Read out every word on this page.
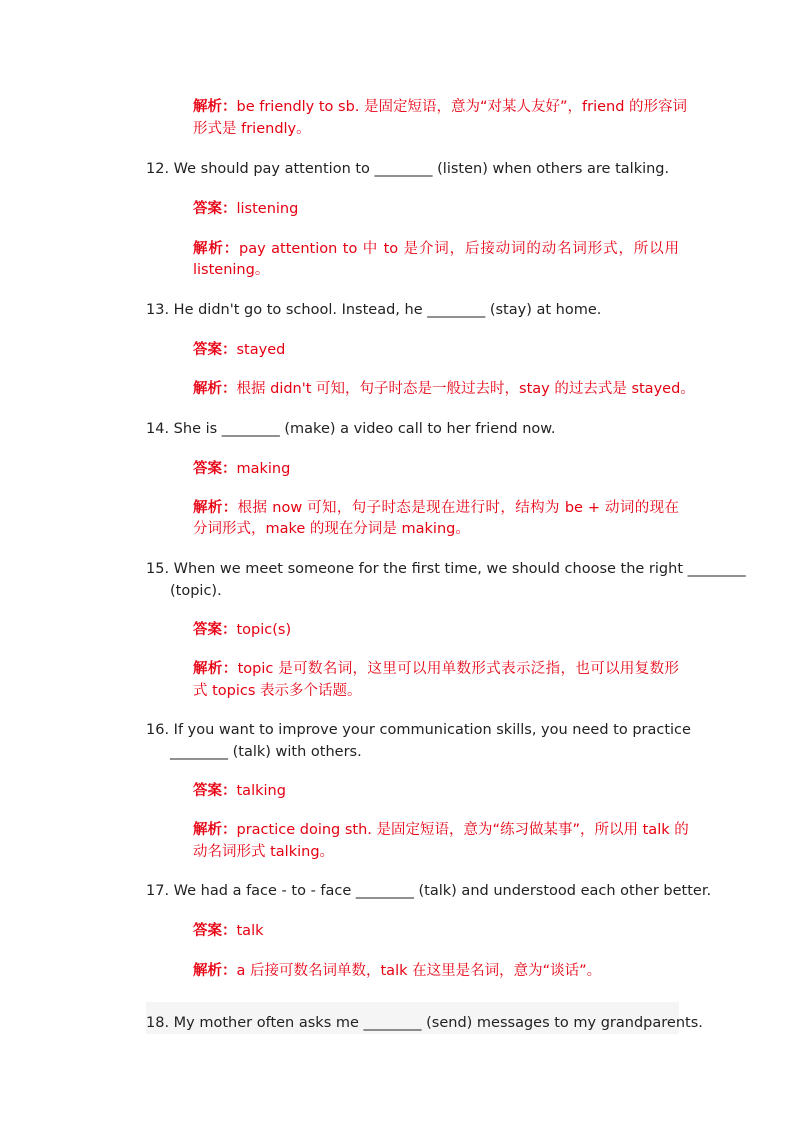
解析：be friendly to sb. 是固定短语，意为“对某人友好”，friend 的形容词
形式是 friendly。
12. We should pay attention to ________ (listen) when others are talking.
答案：listening
解析：pay attention to 中 to 是介词，后接动词的动名词形式，所以用
listening。
13. He didn't go to school. Instead, he ________ (stay) at home.
答案：stayed
解析：根据 didn't 可知，句子时态是一般过去时，stay 的过去式是 stayed。
14. She is ________ (make) a video call to her friend now.
答案：making
解析：根据 now 可知，句子时态是现在进行时，结构为 be + 动词的现在
分词形式，make 的现在分词是 making。
15. When we meet someone for the first time, we should choose the right ________
(topic).
答案：topic(s)
解析：topic 是可数名词，这里可以用单数形式表示泛指，也可以用复数形
式 topics 表示多个话题。
16. If you want to improve your communication skills, you need to practice
________ (talk) with others.
答案：talking
解析：practice doing sth. 是固定短语，意为“练习做某事”，所以用 talk 的
动名词形式 talking。
17. We had a face - to - face ________ (talk) and understood each other better.
答案：talk
解析：a 后接可数名词单数，talk 在这里是名词，意为“谈话”。
18. My mother often asks me ________ (send) messages to my grandparents.
